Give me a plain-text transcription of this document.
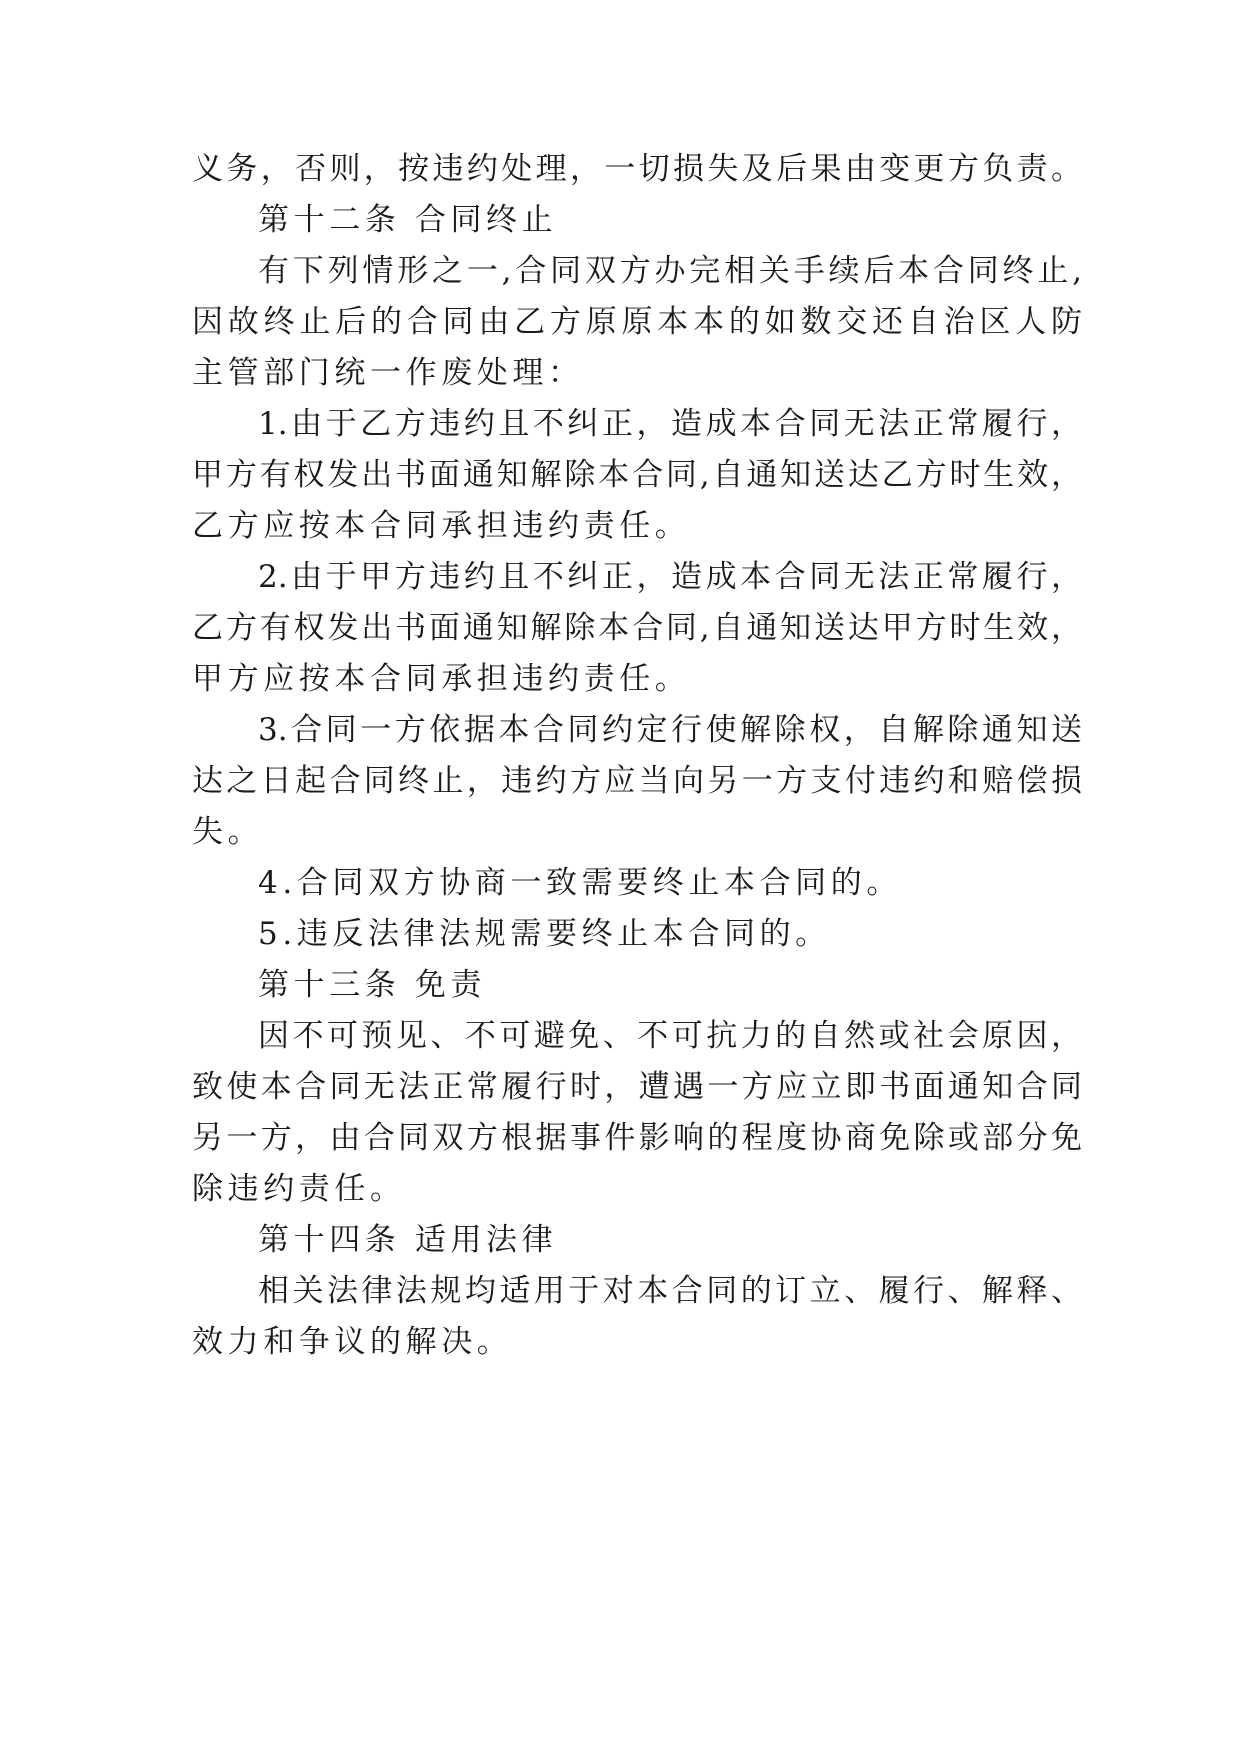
义务，否则，按违约处理，一切损失及后果由变更方负责。
第十二条 合同终止
有下列情形之一,合同双方办完相关手续后本合同终止,
因故终止后的合同由乙方原原本本的如数交还自治区人防
主管部门统一作废处理：
1.由于乙方违约且不纠正，造成本合同无法正常履行，
甲方有权发出书面通知解除本合同,自通知送达乙方时生效，
乙方应按本合同承担违约责任。
2.由于甲方违约且不纠正，造成本合同无法正常履行，
乙方有权发出书面通知解除本合同,自通知送达甲方时生效，
甲方应按本合同承担违约责任。
3.合同一方依据本合同约定行使解除权，自解除通知送
达之日起合同终止，违约方应当向另一方支付违约和赔偿损
失。
4.合同双方协商一致需要终止本合同的。
5.违反法律法规需要终止本合同的。
第十三条 免责
因不可预见、不可避免、不可抗力的自然或社会原因，
致使本合同无法正常履行时，遭遇一方应立即书面通知合同
另一方，由合同双方根据事件影响的程度协商免除或部分免
除违约责任。
第十四条 适用法律
相关法律法规均适用于对本合同的订立、履行、解释、
效力和争议的解决。
